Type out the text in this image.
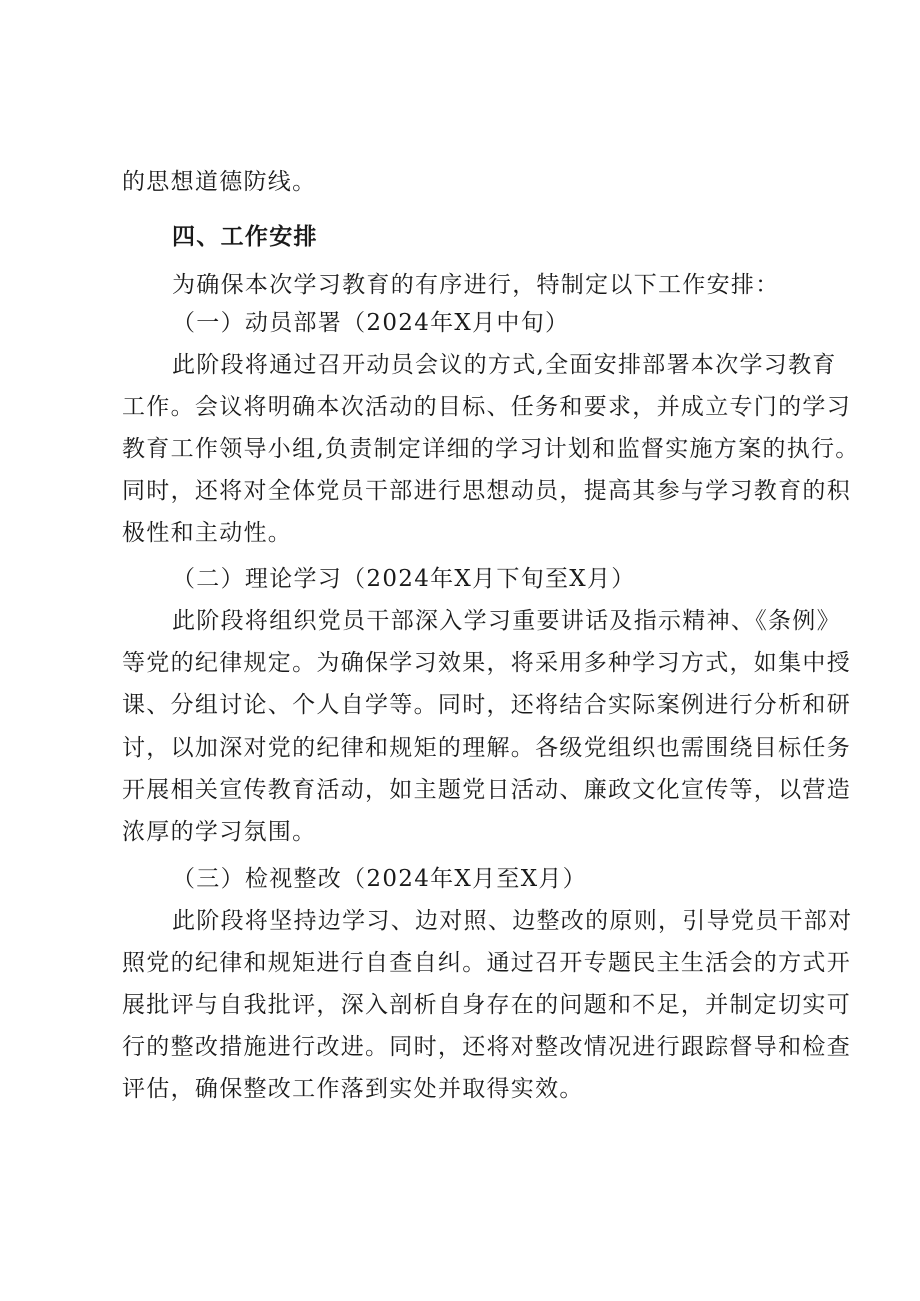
的思想道德防线。
四、工作安排
为确保本次学习教育的有序进行，特制定以下工作安排：
（一）动员部署（2024年X月中旬）
此阶段将通过召开动员会议的方式,全面安排部署本次学习教育
工作。会议将明确本次活动的目标、任务和要求，并成立专门的学习
教育工作领导小组,负责制定详细的学习计划和监督实施方案的执行。
同时，还将对全体党员干部进行思想动员，提高其参与学习教育的积
极性和主动性。
（二）理论学习（2024年X月下旬至X月）
此阶段将组织党员干部深入学习重要讲话及指示精神、《条例》
等党的纪律规定。为确保学习效果，将采用多种学习方式，如集中授
课、分组讨论、个人自学等。同时，还将结合实际案例进行分析和研
讨，以加深对党的纪律和规矩的理解。各级党组织也需围绕目标任务
开展相关宣传教育活动，如主题党日活动、廉政文化宣传等，以营造
浓厚的学习氛围。
（三）检视整改（2024年X月至X月）
此阶段将坚持边学习、边对照、边整改的原则，引导党员干部对
照党的纪律和规矩进行自查自纠。通过召开专题民主生活会的方式开
展批评与自我批评，深入剖析自身存在的问题和不足，并制定切实可
行的整改措施进行改进。同时，还将对整改情况进行跟踪督导和检查
评估，确保整改工作落到实处并取得实效。
